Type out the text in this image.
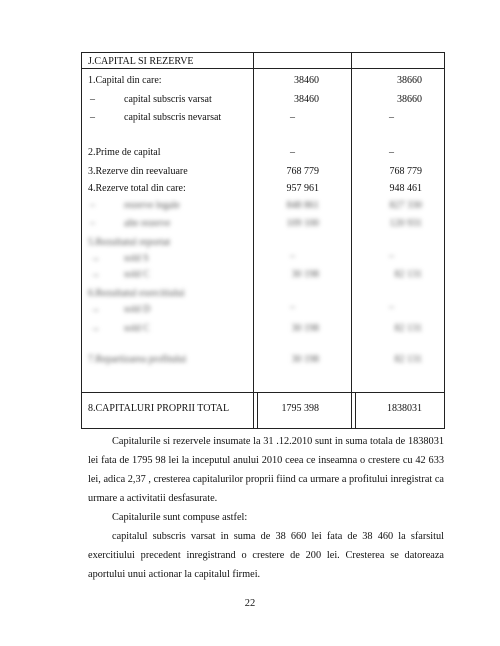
J.CAPITAL SI REZERVE
1.Capital din care:	38460	38660
–	capital subscris varsat	38460	38660
–	capital subscris nevarsat	–	–
2.Prime de capital	–	–
3.Rezerve din reevaluare	768 779	768 779
4.Rezerve total din care:	957 961	948 461
–	rezerve legale	848 861	827 330
–	alte rezerve	109 100	120 931
5.Rezultatul reportat
→ sold S	–	–
→ sold C	30 198	82 131
6.Rezultatul exercitiului
→ sold D	–	–
→ sold C	30 198	82 131
7.Repartizarea profitului	30 198	82 131
8.CAPITALURI PROPRII TOTAL	1795 398	1838031

Capitalurile si rezervele insumate la 31 .12.2010 sunt in suma totala de 1838031 lei fata de 1795 98 lei la inceputul anului 2010 ceea ce inseamna o crestere cu 42 633 lei, adica 2,37 , cresterea capitalurilor proprii fiind ca urmare a profitului inregistrat ca urmare a activitatii desfasurate.

Capitalurile sunt compuse astfel:

capitalul subscris varsat in suma de 38 660 lei fata de 38 460 la sfarsitul exercitiului precedent inregistrand o crestere de 200 lei. Cresterea se datoreaza aportului unui actionar la capitalul firmei.

22
